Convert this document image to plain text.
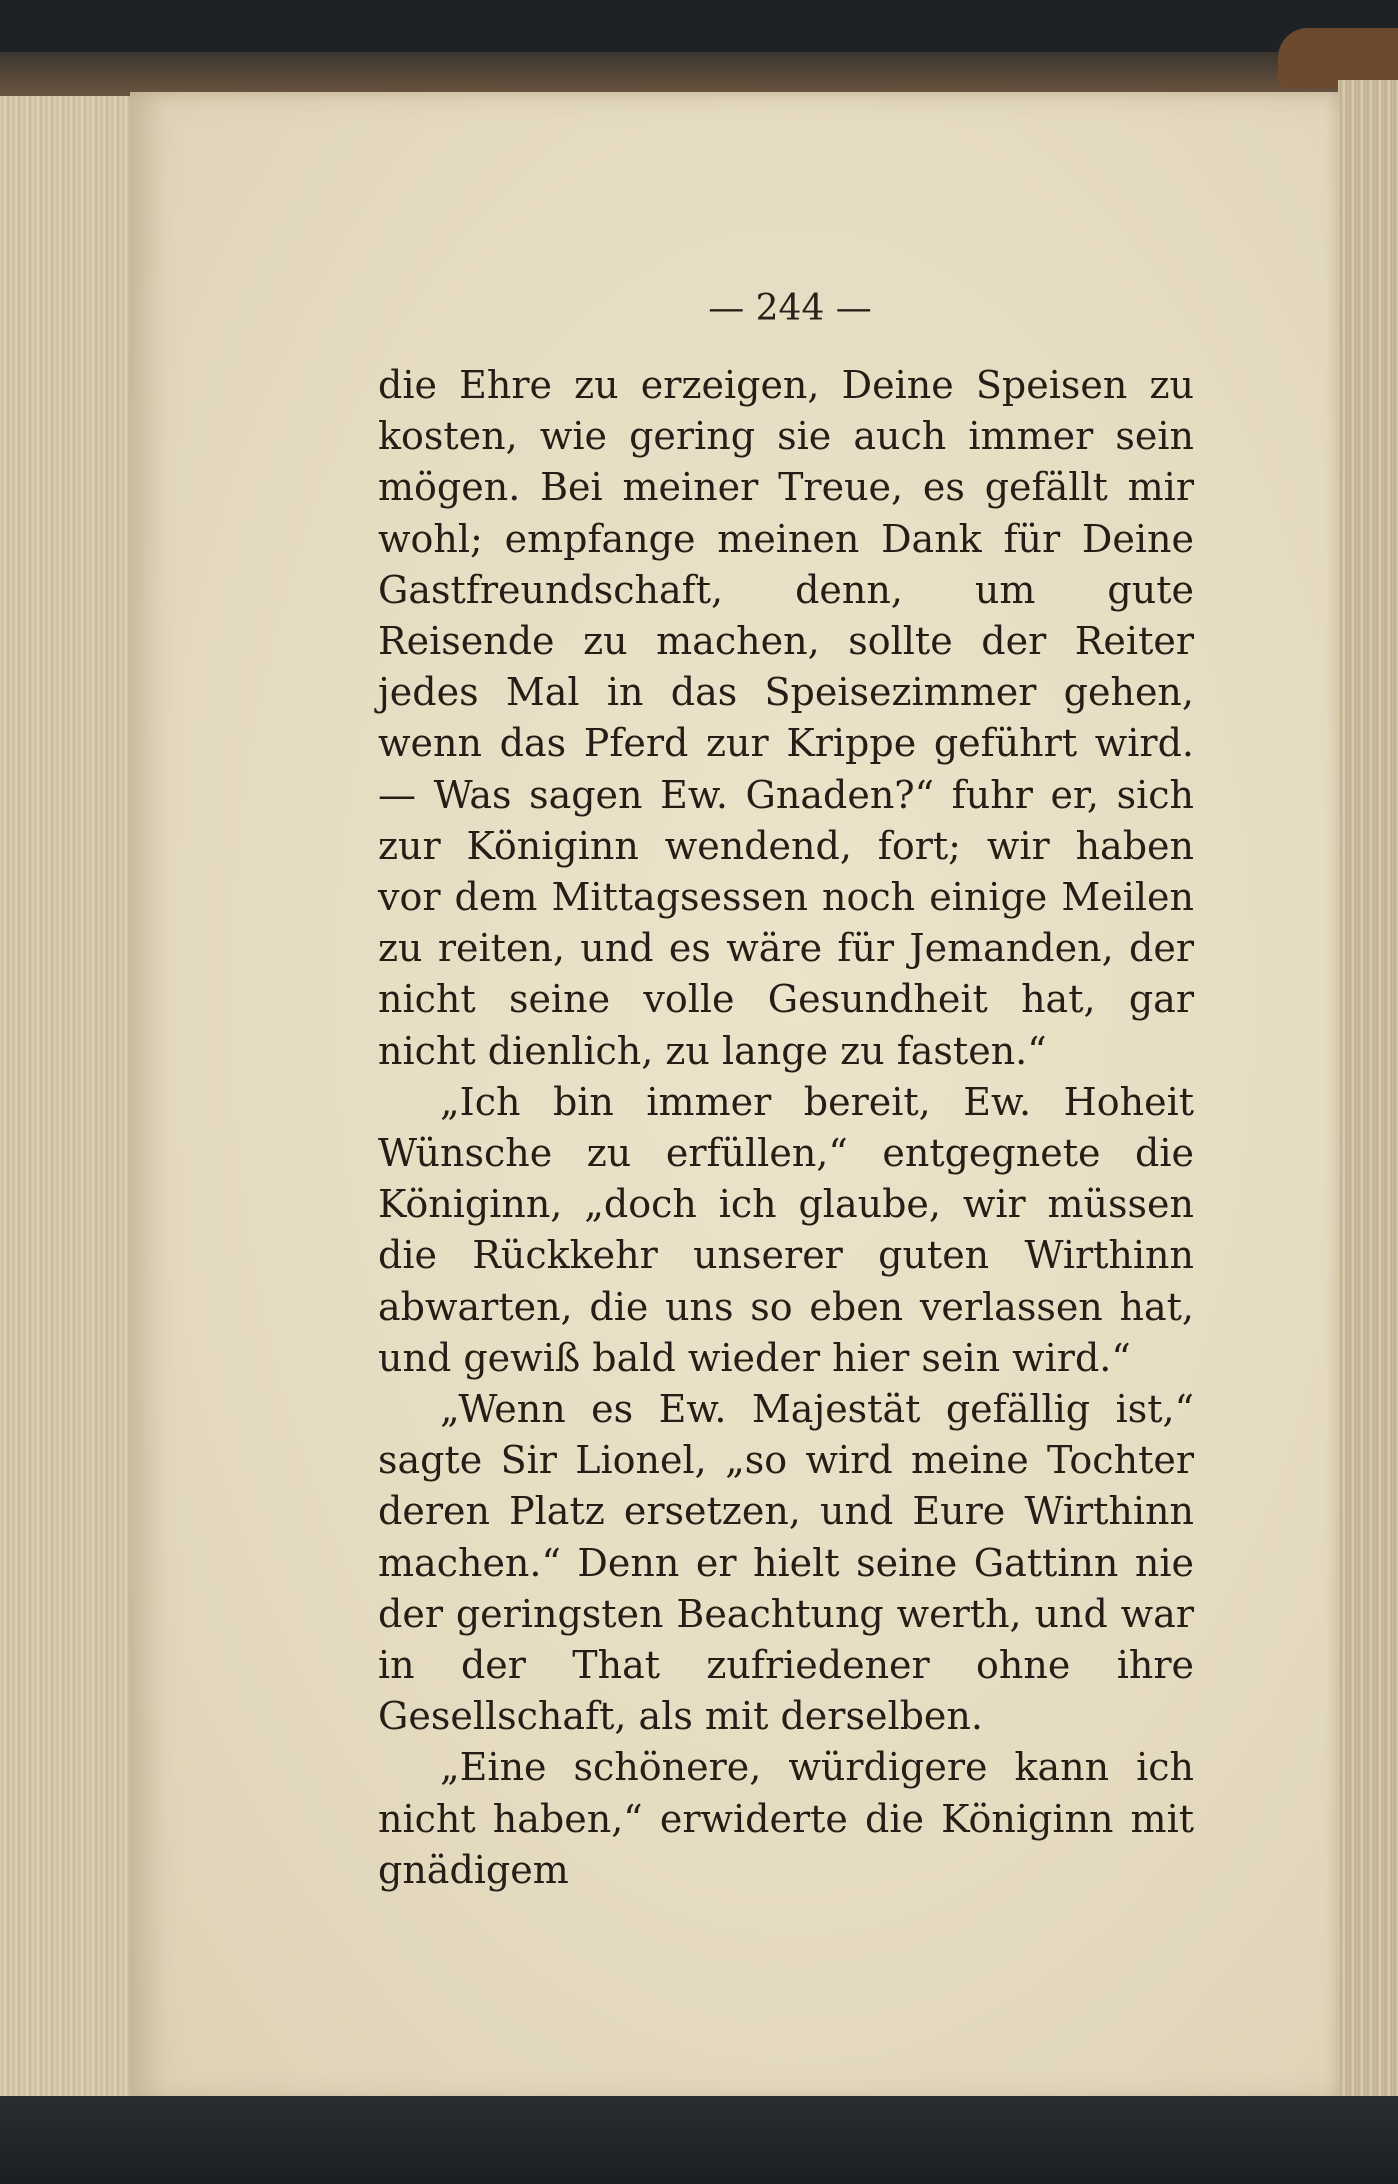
— 244 —

die Ehre zu erzeigen, Deine Speisen zu kosten, wie gering sie auch immer sein mögen. Bei meiner Treue, es gefällt mir wohl; empfange meinen Dank für Deine Gastfreundschaft, denn, um gute Reisende zu machen, sollte der Reiter jedes Mal in das Speisezimmer gehen, wenn das Pferd zur Krippe geführt wird. — Was sagen Ew. Gnaden?“ fuhr er, sich zur Königinn wendend, fort; wir haben vor dem Mittagsessen noch einige Meilen zu reiten, und es wäre für Jemanden, der nicht seine volle Gesundheit hat, gar nicht dienlich, zu lange zu fasten.“

„Ich bin immer bereit, Ew. Hoheit Wünsche zu erfüllen,“ entgegnete die Königinn, „doch ich glaube, wir müssen die Rückkehr unserer guten Wirthinn abwarten, die uns so eben verlassen hat, und gewiß bald wieder hier sein wird.“

„Wenn es Ew. Majestät gefällig ist,“ sagte Sir Lionel, „so wird meine Tochter deren Platz ersetzen, und Eure Wirthinn machen.“ Denn er hielt seine Gattinn nie der geringsten Beachtung werth, und war in der That zufriedener ohne ihre Gesellschaft, als mit derselben.

„Eine schönere, würdigere kann ich nicht haben,“ erwiderte die Königinn mit gnädigem
